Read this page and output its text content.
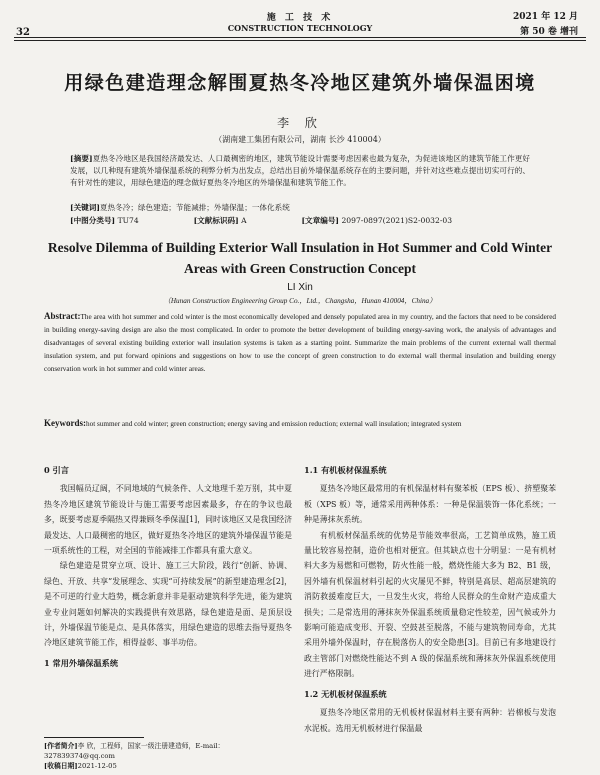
32
施 工 技 术
CONSTRUCTION TECHNOLOGY
2021 年 12 月
第 50 卷 增刊
用绿色建造理念解围夏热冬冷地区建筑外墙保温困境
李 欣
（湖南建工集团有限公司，湖南 长沙 410004）
[摘要]夏热冬冷地区是我国经济最发达、人口最稠密的地区，建筑节能设计需要考虑因素也最为复杂，为促进该地区的建筑节能工作更好发展，以几种现有建筑外墙保温系统的利弊分析为出发点，总结出目前外墙保温系统存在的主要问题，并针对这些难点提出切实可行的、有针对性的建议，用绿色建造的理念做好夏热冬冷地区的外墙保温和建筑节能工作。
[关键词]夏热冬冷；绿色建造；节能减排；外墙保温；一体化系统
[中图分类号] TU74	[文献标识码] A	[文章编号] 2097-0897(2021)S2-0032-03
Resolve Dilemma of Building Exterior Wall Insulation in Hot Summer and Cold Winter Areas with Green Construction Concept
LI Xin
（Hunan Construction Engineering Group Co.，Ltd.，Changsha，Hunan 410004，China）
Abstract:The area with hot summer and cold winter is the most economically developed and densely populated area in my country, and the factors that need to be considered in building energy-saving design are also the most complicated. In order to promote the better development of building energy-saving work, the analysis of advantages and disadvantages of several existing building exterior wall insulation systems is taken as a starting point. Summarize the main problems of the current external wall thermal insulation system, and put forward opinions and suggestions on how to use the concept of green construction to do external wall thermal insulation and building energy conservation work in hot summer and cold winter areas.
Keywords:hot summer and cold winter; green construction; energy saving and emission reduction; external wall insulation; integrated system
0 引言

我国幅员辽阔，不同地域的气候条件、人文地理千差万别，其中夏热冬冷地区建筑节能设计与施工需要考虑因素最多，存在的争议也最多，既要考虑夏季隔热又得兼顾冬季保温[1]，同时该地区又是我国经济最发达、人口最稠密的地区，做好夏热冬冷地区的建筑外墙保温节能是一项系统性的工程，对全国的节能减排工作都具有重大意义。

绿色建造是贯穿立项、设计、施工三大阶段，践行“创新、协调、绿色、开放、共享”发展理念、实现“可持续发展”的新型建造理念[2]，是不可逆的行业大趋势，概念新意并非是驱动建筑科学先进，能为建筑业专业问题如何解决的实践提供有效思路，绿色建造是面、是顶层设计，外墙保温节能是点、是具体落实，用绿色建造的思维去指导夏热冬冷地区建筑节能工作，相得益彰、事半功倍。

1 常用外墙保温系统
[作者简介]李 欣，工程师，国家一级注册建造师，E-mail：327839374@qq.com
[收稿日期]2021-12-05
1.1 有机板材保温系统

夏热冬冷地区最常用的有机保温材料有聚苯板（EPS 板）、挤塑聚苯板（XPS 板）等，通常采用两种体系：一种是保温装饰一体化系统；一种是薄抹灰系统。

有机板材保温系统的优势是节能效率很高，工艺简单成熟，施工质量比较容易控制，造价也相对便宜。但其缺点也十分明显：一是有机材料大多为易燃和可燃物，防火性能一般，燃烧性能大多为 B2、B1 级，因外墙有机保温材料引起的火灾屡见不鲜，特别是高层、超高层建筑的消防救援难度巨大，一旦发生火灾，将给人民群众的生命财产造成重大损失；二是常选用的薄抹灰外保温系统质量稳定性较差，因气候或外力影响可能造成变形、开裂、空鼓甚至脱落，不能与建筑物同寿命，尤其采用外墙外保温时，存在脱落伤人的安全隐患[3]。目前已有多地建设行政主管部门对燃烧性能达不到 A 级的保温系统和薄抹灰外保温系统使用进行严格限制。

1.2 无机板材保温系统

夏热冬冷地区常用的无机板材保温材料主要有两种：岩棉板与发泡水泥板。选用无机板材进行保温最
